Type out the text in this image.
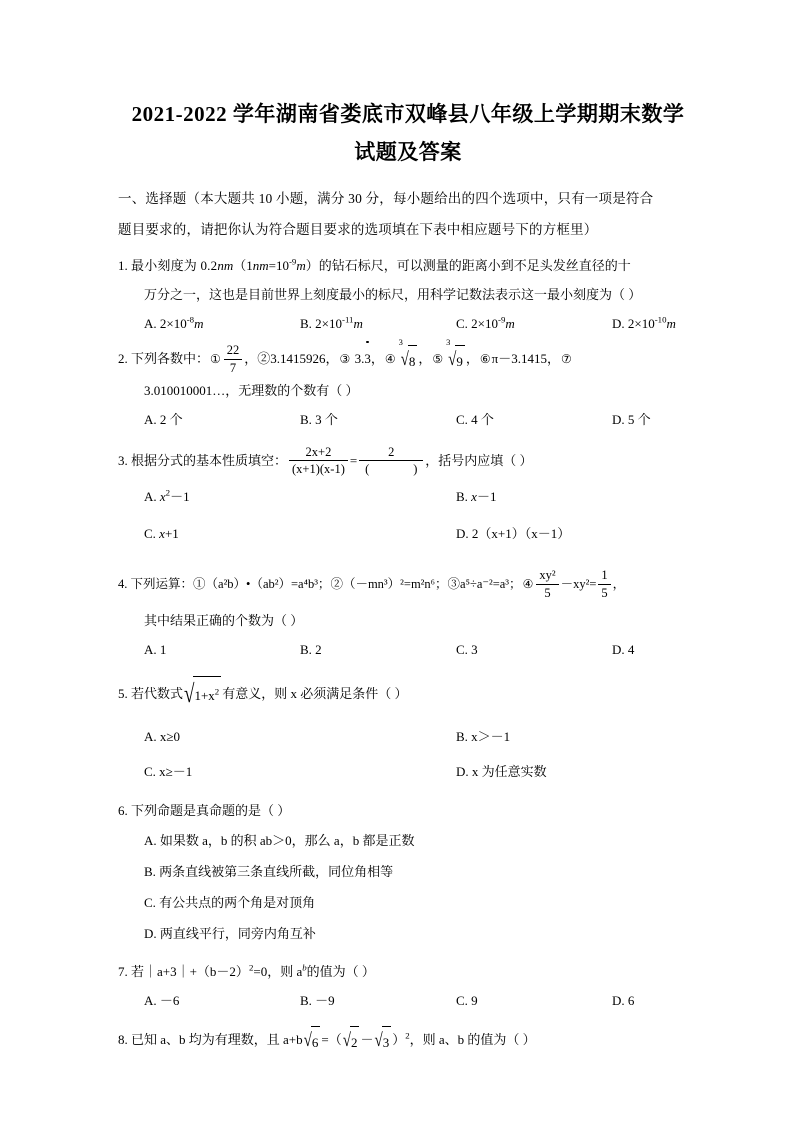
2021-2022 学年湖南省娄底市双峰县八年级上学期期末数学
试题及答案
一、选择题（本大题共 10 小题，满分 30 分，每小题给出的四个选项中，只有一项是符合
题目要求的，请把你认为符合题目要求的选项填在下表中相应题号下的方框里）
1. 最小刻度为 $0.2nm(1nm=10^{-9}m)$的钻石标尺，可以测量的距离小到不足头发丝直径的十
万分之一，这也是目前世界上刻度最小的标尺，用科学记数法表示这一最小刻度为（ ）
A. $2\times 10^{-8}m$	B. $2\times 10^{-11}m$	C. $2\times 10^{-9}m$	D. $2\times 10^{-10}m$
2. 下列各数中：① $\frac{22}{7}$ ，②3.1415926，③ 3.3，④
3
√8 ，⑤
3
√9 ，⑥π－3.1415，⑦
3.010010001…，无理数的个数有（ ）
A. 2 个	B. 3 个	C. 4 个	D. 5 个
3. 根据分式的基本性质填空： $\frac{2x+2}{(x+1)(x-1)} = 2$
(	) ，括号内应填（ ）
A. $x^2-1$	B. x－1
C. x+1	D. 2（x+1）（x－1）
4. 下列运算：①（a²b）•（ab²）=a⁴b³；②（－mn³）²=m²n⁶；③a⁵÷a⁻²=a³；④ $\frac{\text{xy²}}{5} -xy^2= \frac{1}{5}$ ，
其中结果正确的个数为（ ）
A. 1	B. 2	C. 3	D. 4
5. 若代数式$√1+x^2$ 有意义，则 x 必须满足条件（ ）
A. x≥0	B. x＞－1
C. x≥－1	D. x 为任意实数
6. 下列命题是真命题的是（ ）
A. 如果数 a，b 的积 ab＞0，那么 a，b 都是正数
B. 两条直线被第三条直线所截，同位角相等
C. 有公共点的两个角是对顶角
D. 两直线平行，同旁内角互补
7. 若$|a+3|+(b-2)^2=0$，则 $a^b$的值为（ ）
A. －6	B. －9	C. 9	D. 6
8. 已知 a、b 均为有理数，且 a+b√6 =（√2 －√3 ）$^2$，则 a、b 的值为（ ）
